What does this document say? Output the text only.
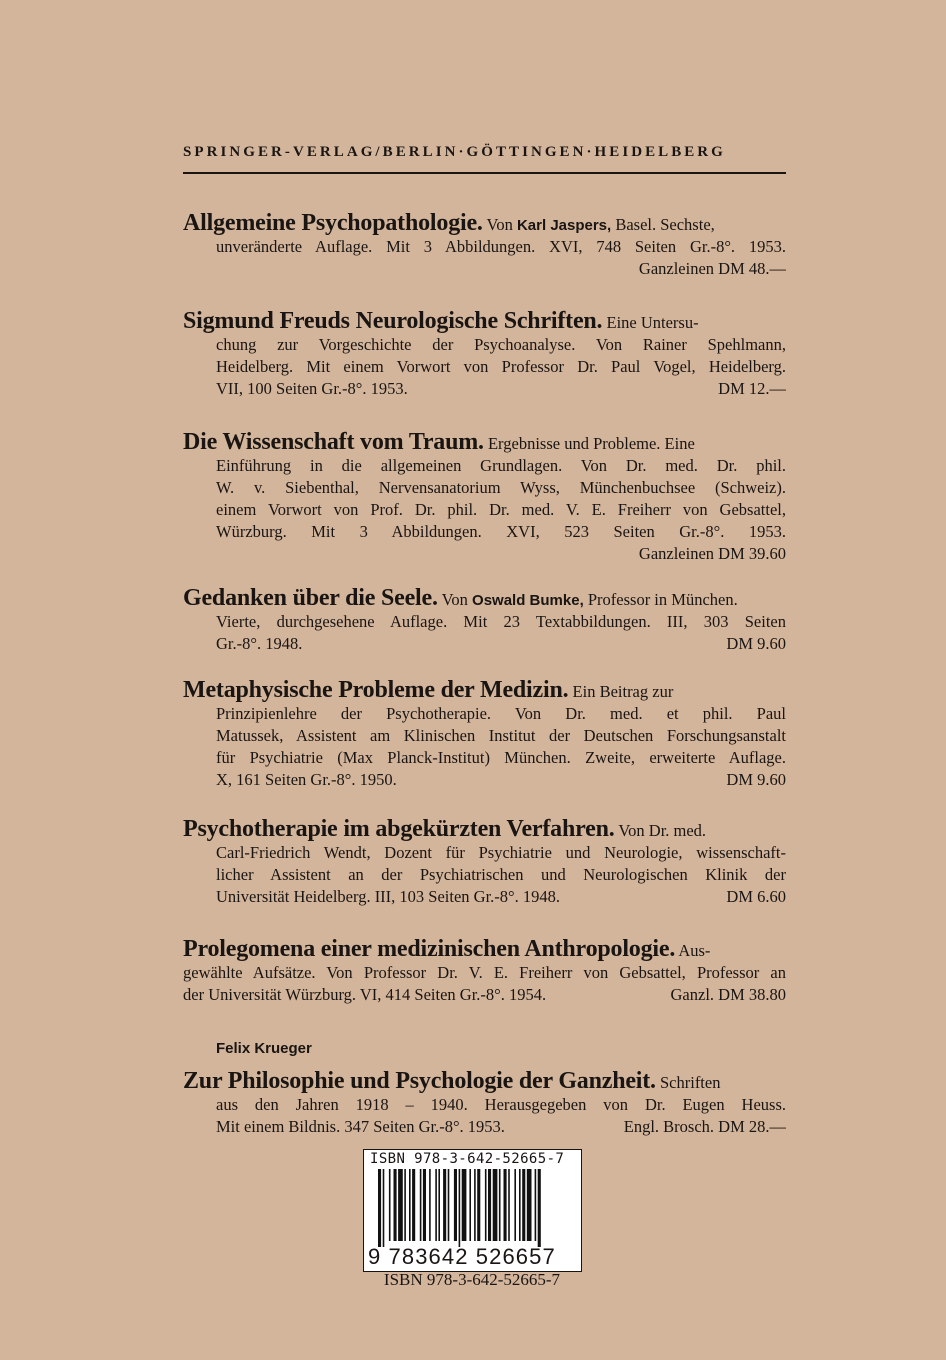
SPRINGER-VERLAG/BERLIN·GÖTTINGEN·HEIDELBERG
Allgemeine Psychopathologie. Von Karl Jaspers, Basel. Sechste,
unveränderte Auflage. Mit 3 Abbildungen. XVI, 748 Seiten Gr.-8°. 1953.
Ganzleinen DM 48.—
Sigmund Freuds Neurologische Schriften. Eine Untersu-
chung zur Vorgeschichte der Psychoanalyse. Von Rainer Spehlmann,
Heidelberg. Mit einem Vorwort von Professor Dr. Paul Vogel, Heidelberg.
VII, 100 Seiten Gr.-8°. 1953.	DM 12.—
Die Wissenschaft vom Traum. Ergebnisse und Probleme. Eine
Einführung in die allgemeinen Grundlagen. Von Dr. med. Dr. phil.
W. v. Siebenthal, Nervensanatorium Wyss, Münchenbuchsee (Schweiz).
einem Vorwort von Prof. Dr. phil. Dr. med. V. E. Freiherr von Gebsattel,
Würzburg. Mit 3 Abbildungen. XVI, 523 Seiten Gr.-8°. 1953.
Ganzleinen DM 39.60
Gedanken über die Seele. Von Oswald Bumke, Professor in München.
Vierte, durchgesehene Auflage. Mit 23 Textabbildungen. III, 303 Seiten
Gr.-8°. 1948.	DM 9.60
Metaphysische Probleme der Medizin. Ein Beitrag zur
Prinzipienlehre der Psychotherapie. Von Dr. med. et phil. Paul
Matussek, Assistent am Klinischen Institut der Deutschen Forschungsanstalt
für Psychiatrie (Max Planck-Institut) München. Zweite, erweiterte Auflage.
X, 161 Seiten Gr.-8°. 1950.	DM 9.60
Psychotherapie im abgekürzten Verfahren. Von Dr. med.
Carl-Friedrich Wendt, Dozent für Psychiatrie und Neurologie, wissenschaft-
licher Assistent an der Psychiatrischen und Neurologischen Klinik der
Universität Heidelberg. III, 103 Seiten Gr.-8°. 1948.	DM 6.60
Prolegomena einer medizinischen Anthropologie. Aus-
gewählte Aufsätze. Von Professor Dr. V. E. Freiherr von Gebsattel, Professor an
der Universität Würzburg. VI, 414 Seiten Gr.-8°. 1954.	Ganzl. DM 38.80
Felix Krueger
Zur Philosophie und Psychologie der Ganzheit. Schriften
aus den Jahren 1918 – 1940. Herausgegeben von Dr. Eugen Heuss.
Mit einem Bildnis. 347 Seiten Gr.-8°. 1953.	Engl. Brosch. DM 28.—
ISBN 978-3-642-52665-7
9 783642 526657
ISBN 978-3-642-52665-7
